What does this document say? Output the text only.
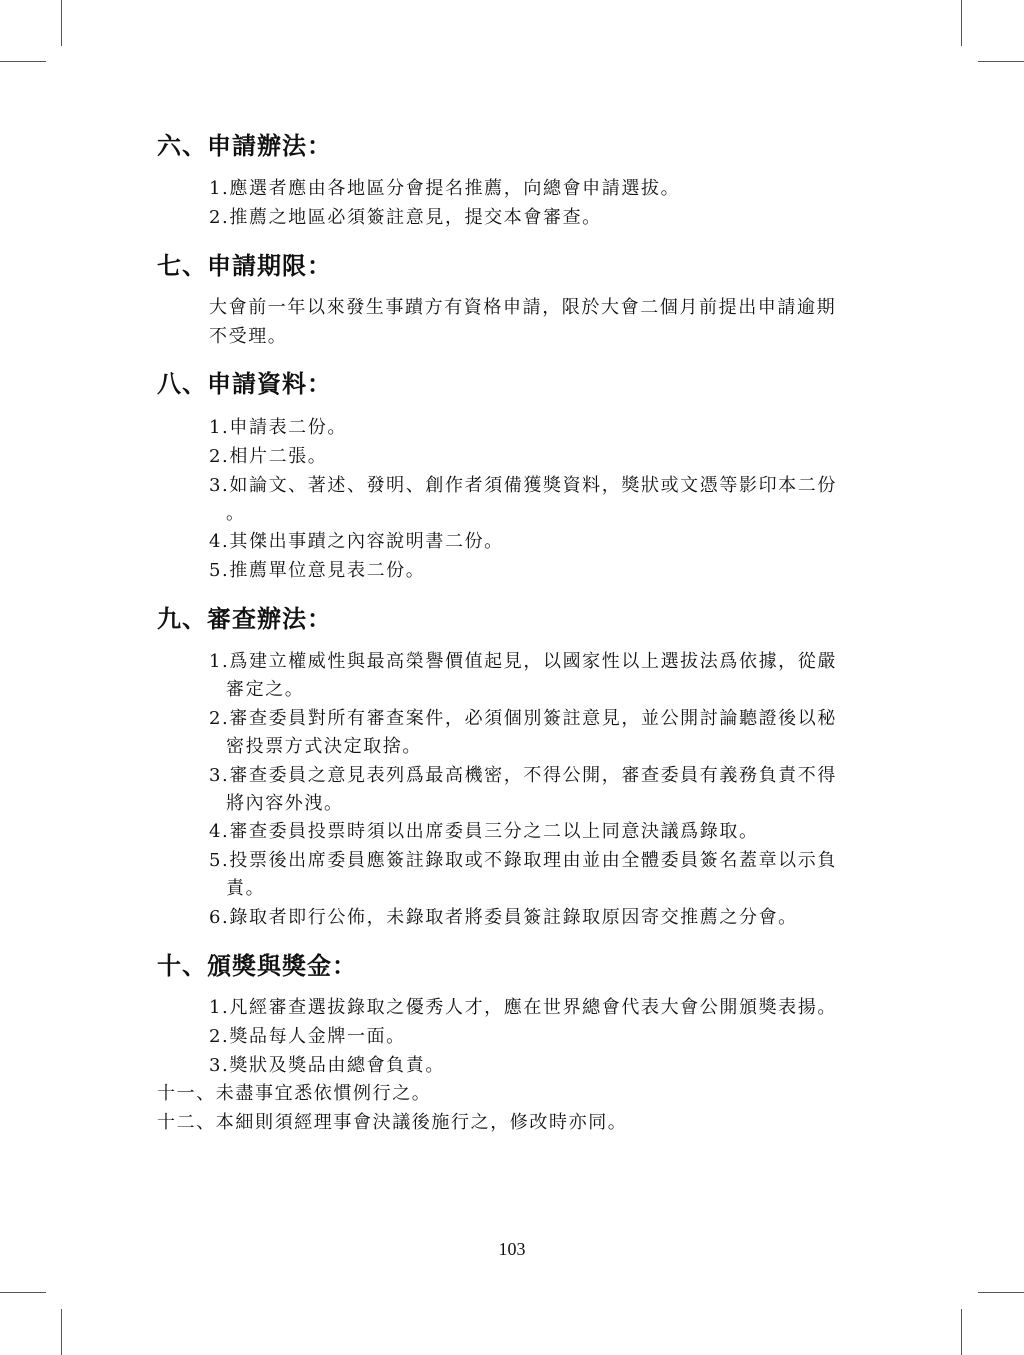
六、申請辦法：
1.應選者應由各地區分會提名推薦，向總會申請選拔。
2.推薦之地區必須簽註意見，提交本會審查。
七、申請期限：
大會前一年以來發生事蹟方有資格申請，限於大會二個月前提出申請逾期
不受理。
八、申請資料：
1.申請表二份。
2.相片二張。
3.如論文、著述、發明、創作者須備獲獎資料，獎狀或文憑等影印本二份
。
4.其傑出事蹟之內容說明書二份。
5.推薦單位意見表二份。
九、審查辦法：
1.爲建立權威性與最高榮譽價值起見，以國家性以上選拔法爲依據，從嚴
審定之。
2.審查委員對所有審查案件，必須個別簽註意見，並公開討論聽證後以秘
密投票方式決定取捨。
3.審查委員之意見表列爲最高機密，不得公開，審查委員有義務負責不得
將內容外洩。
4.審查委員投票時須以出席委員三分之二以上同意決議爲錄取。
5.投票後出席委員應簽註錄取或不錄取理由並由全體委員簽名蓋章以示負
責。
6.錄取者即行公佈，未錄取者將委員簽註錄取原因寄交推薦之分會。
十、頒獎與獎金：
1.凡經審查選拔錄取之優秀人才，應在世界總會代表大會公開頒獎表揚。
2.獎品每人金牌一面。
3.獎狀及獎品由總會負責。
十一、未盡事宜悉依慣例行之。
十二、本細則須經理事會決議後施行之，修改時亦同。
103
